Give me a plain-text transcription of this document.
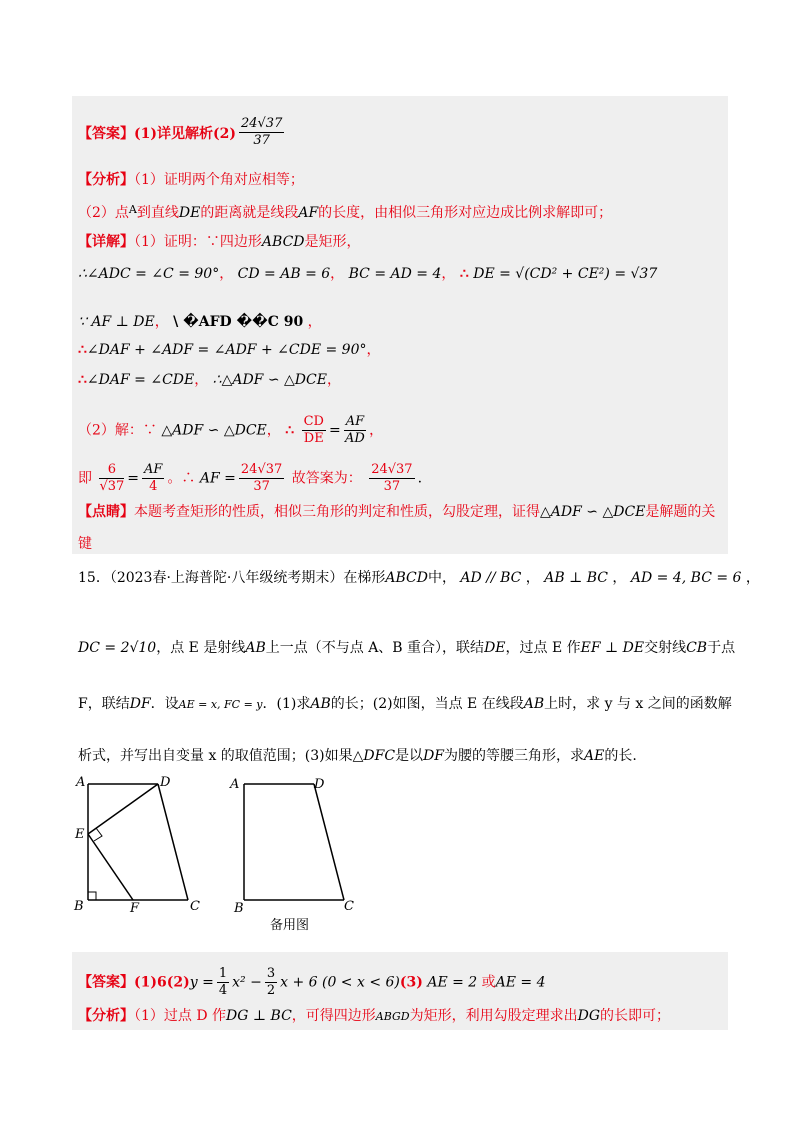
【答案】(1)详见解析$(2) \frac{24√37}{37}$
【分析】（1）证明两个角对应相等；
（2）点$^A$到直线DE的距离就是线段AF的长度，由相似三角形对应边成比例求解即可；
【详解】（1）证明：∵四边形ABCD是矩形，
∴∠ADC = ∠C = 90°， CD = AB = 6， BC = AD = 4， ∴ DE = √(CD² + CE²) = √37
∵ AF ⊥ DE， \ �AFD ��C 90 ，
∴∠DAF + ∠ADF = ∠ADF + ∠CDE = 90°，
∴∠DAF = ∠CDE， ∴△ADF ∽ △DCE，
（2）解：∵ △ADF ∽ △DCE， ∴ $\frac{CD}{DE} = \frac{AF}{AD}$ ，
即 $\frac{6}{√37} = \frac{AF}{4}$ 。∴ AF = $\frac{24√37}{37}$ 故答案为： $\frac{24√37}{37}$ .
【点睛】本题考查矩形的性质，相似三角形的判定和性质，勾股定理，证得△ADF ∽ △DCE是解题的关
键
15．（2023春·上海普陀·八年级统考期末）在梯形ABCD中， AD // BC ， AB ⊥ BC ， AD = 4, BC = 6 ，
DC = 2√10，点 E 是射线AB上一点（不与点 A、B 重合），联结DE，过点 E 作EF ⊥ DE交射线CB于点
F，联结DF．设AE = x, FC = y．(1)求AB的长；(2)如图，当点 E 在线段AB上时，求 y 与 x 之间的函数解
析式，并写出自变量 x 的取值范围；(3)如果△DFC是以DF为腰的等腰三角形，求AE的长.
A	D
E
B	F	C
A	D
B	C
备用图
【答案】$(1)6(2)y = \frac{1}{4} x^2 - \frac{3}{2}$ x + 6 (0 < x < 6)(3) AE = 2 或AE = 4
【分析】（1）过点 D 作DG ⊥ BC，可得四边形ABGD为矩形，利用勾股定理求出DG的长即可；
